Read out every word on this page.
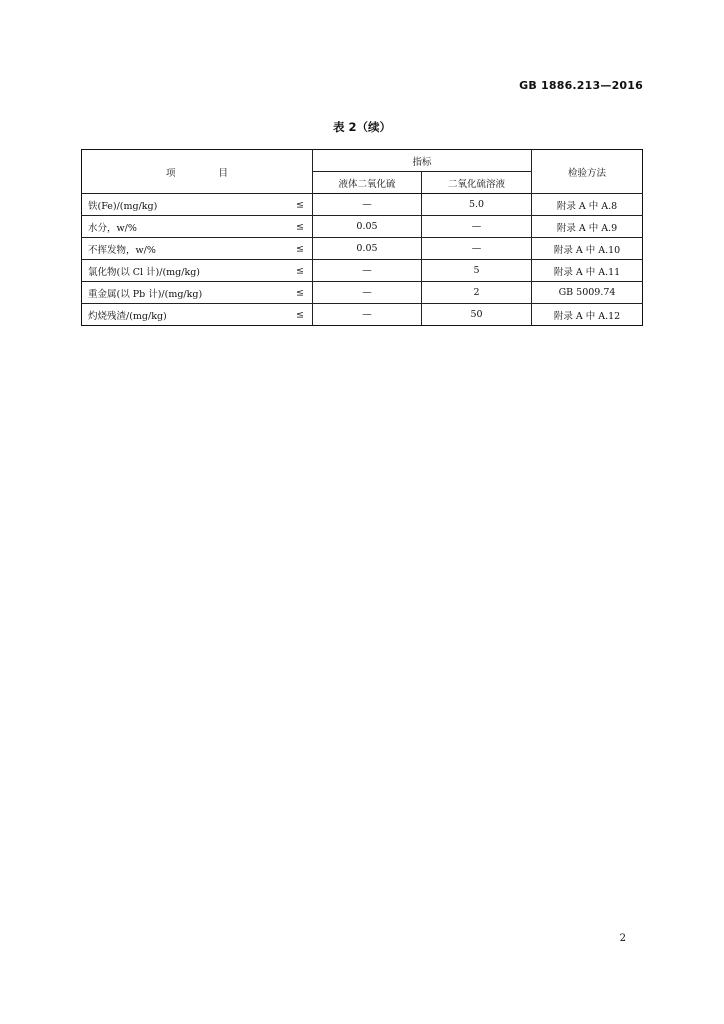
GB 1886.213—2016
表 2（续）
项 目	指标		检验方法
	液体二氧化硫	二氧化硫溶液	
铁(Fe)/(mg/kg) ≤	—	5.0	附录 A 中 A.8
水分，w/% ≤	0.05	—	附录 A 中 A.9
不挥发物，w/% ≤	0.05	—	附录 A 中 A.10
氯化物(以 Cl 计)/(mg/kg) ≤	—	5	附录 A 中 A.11
重金属(以 Pb 计)/(mg/kg) ≤	—	2	GB 5009.74
灼烧残渣/(mg/kg) ≤	—	50	附录 A 中 A.12
2
